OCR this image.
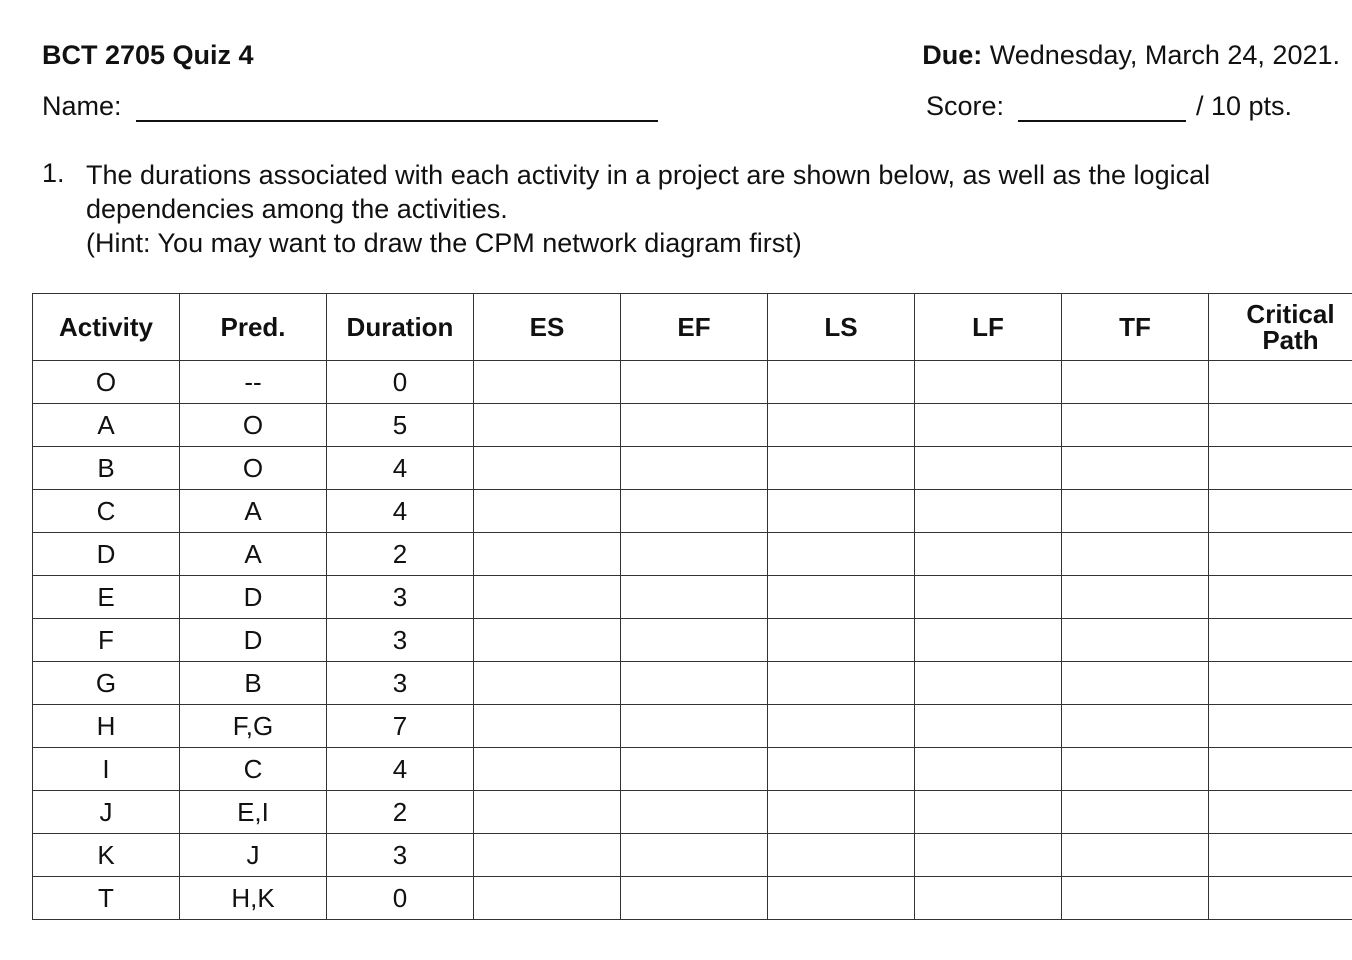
BCT 2705 Quiz 4	Due: Wednesday, March 24, 2021.
Name:	Score:	/ 10 pts.
1. The durations associated with each activity in a project are shown below, as well as the logical
dependencies among the activities.
(Hint: You may want to draw the CPM network diagram first)
Activity	Pred.	Duration	ES	EF	LS	LF	TF	Critical
Path

O	--	0						
A	O	5						
B	O	4						
C	A	4						
D	A	2						
E	D	3						
F	D	3						
G	B	3						
H	F,G	7						
I	C	4						
J	E,I	2						
K	J	3						
T	H,K	0						
